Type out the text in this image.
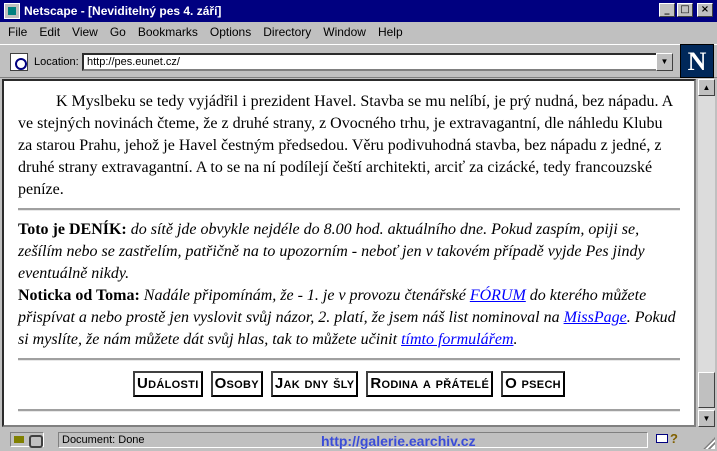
Netscape - [Neviditelný pes 4. září]	_	□	×
File Edit View Go Bookmarks Options Directory Window Help
Location: http://pes.eunet.cz/	▼ N
K Myslbeku se tedy vyjádřil i prezident Havel. Stavba se mu nelíbí, je prý nudná, bez nápadu. A ve stejných novinách čteme, že z druhé strany, z Ovocného trhu, je extravagantní, dle náhledu Klubu za starou Prahu, jehož je Havel čestným předsedou. Věru podivuhodná stavba, bez nápadu z jedné, z druhé strany extravagantní. A to se na ní podílejí čeští architekti, arciť za cizácké, tedy francouzské peníze.
Toto je DENÍK: do sítě jde obvykle nejdéle do 8.00 hod. aktuálního dne. Pokud zaspím, opiji se, zešílím nebo se zastřelím, patřičně na to upozorním - neboť jen v takovém případě vyjde Pes jindy eventuálně nikdy.
Noticka od Toma: Nadále připomínám, že - 1. je v provozu čtenářské FÓRUM do kterého můžete přispívat a nebo prostě jen vyslovit svůj názor, 2. platí, že jsem náš list nominoval na MissPage. Pokud si myslíte, že nám můžete dát svůj hlas, tak to můžete učinit tímto formulářem.
Události Osoby Jak dny šly Rodina a přátelé O psech
▲
▼
Document: Done	http://galerie.earchiv.cz	?
